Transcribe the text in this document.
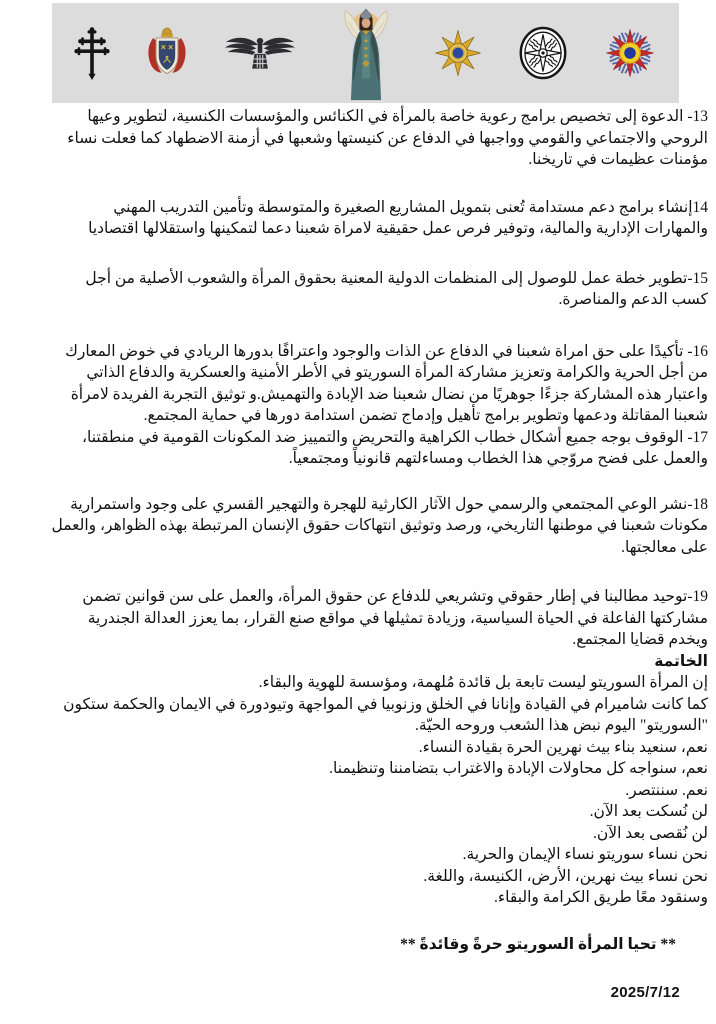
13- الدعوة إلى تخصيص برامج رعوية خاصة بالمرأة في الكنائس والمؤسسات الكنسية، لتطوير وعيها الروحي والاجتماعي والقومي وواجبها في الدفاع عن كنيستها وشعبها في أزمنة الاضطهاد كما فعلت نساء مؤمنات عظيمات في تاريخنا.

14إنشاء برامج دعم مستدامة تُعنى بتمويل المشاريع الصغيرة والمتوسطة وتأمين التدريب المهني والمهارات الإدارية والمالية، وتوفير فرص عمل حقيقية لامراة شعبنا دعما لتمكينها واستقلالها اقتصاديا

15-تطوير خطة عمل للوصول إلى المنظمات الدولية المعنية بحقوق المرأة والشعوب الأصلية من أجل كسب الدعم والمناصرة.

16- تأكيدًا على حق امراة شعبنا في الدفاع عن الذات والوجود واعترافًا بدورها الريادي في خوض المعارك من أجل الحرية والكرامة وتعزيز مشاركة المرأة السوريتو في الأطر الأمنية والعسكرية والدفاع الذاتي واعتبار هذه المشاركة جزءًا جوهريًا من نضال شعبنا ضد الإبادة والتهميش.و توثيق التجربة الفريدة لامرأة شعبنا المقاتلة ودعمها وتطوير برامج تأهيل وإدماج تضمن استدامة دورها في حماية المجتمع.

17- الوقوف بوجه جميع أشكال خطاب الكراهية والتحريض والتمييز ضد المكونات القومية في منطقتنا، والعمل على فضح مروّجي هذا الخطاب ومساءلتهم قانونياً ومجتمعياً.

18-نشر الوعي المجتمعي والرسمي حول الآثار الكارثية للهجرة والتهجير القسري على وجود واستمرارية مكونات شعبنا في موطنها التاريخي، ورصد وتوثيق انتهاكات حقوق الإنسان المرتبطة بهذه الظواهر، والعمل على معالجتها.

19-توحيد مطالبنا في إطار حقوقي وتشريعي للدفاع عن حقوق المرأة، والعمل على سن قوانين تضمن مشاركتها الفاعلة في الحياة السياسية، وزيادة تمثيلها في مواقع صنع القرار، بما يعزز العدالة الجندرية ويخدم قضايا المجتمع.

الخاتمة

إن المرأة السوريتو ليست تابعة بل قائدة مُلهمة، ومؤسسة للهوية والبقاء.

كما كانت شاميرام في القيادة وإنانا في الخلق وزنوبيا في المواجهة وتيودورة في الايمان والحكمة ستكون

"السوريتو" اليوم نبض هذا الشعب وروحه الحيّة.

نعم، سنعيد بناء بيث نهرين الحرة بقيادة النساء.

نعم، سنواجه كل محاولات الإبادة والاغتراب بتضامننا وتنظيمنا.

نعم. سننتصر.

لن نُسكت بعد الآن.

لن نُقصى بعد الآن.

نحن نساء سوريتو نساء الإيمان والحرية.

نحن نساء بيث نهرين، الأرض، الكنيسة، واللغة.

وسنقود معًا طريق الكرامة والبقاء.

** تحيا المرأة السوريتو حرةً وقائدةً **

2025/7/12
